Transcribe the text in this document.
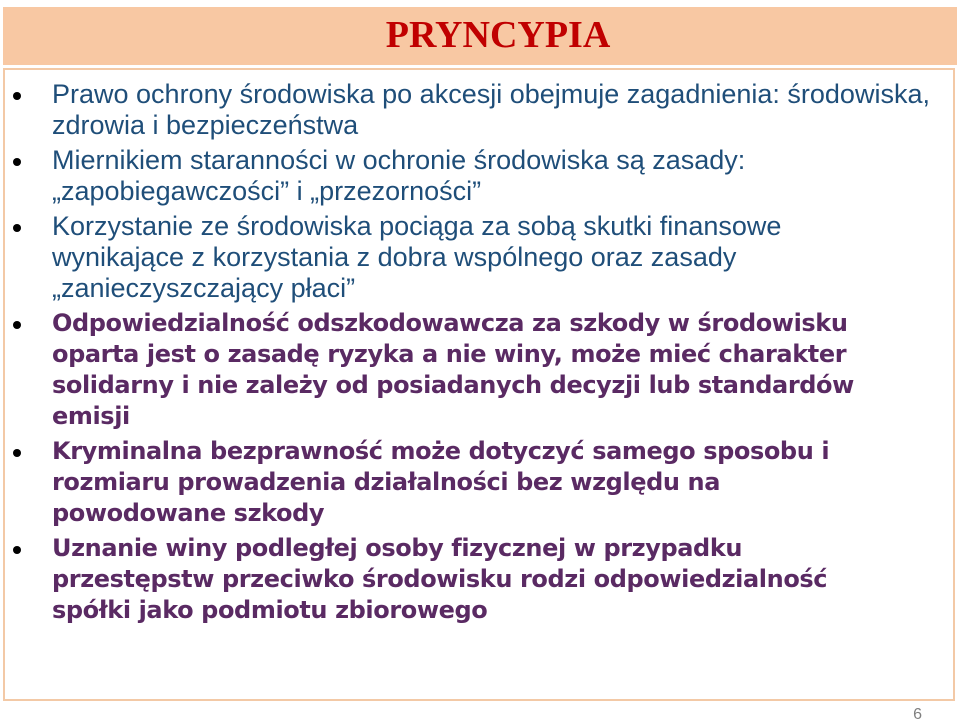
PRYNCYPIA
Prawo ochrony środowiska po akcesji obejmuje zagadnienia: środowiska, zdrowia i bezpieczeństwa
Miernikiem staranności w ochronie środowiska są zasady: „zapobiegawczości” i „przezorności”
Korzystanie ze środowiska pociąga za sobą skutki finansowe wynikające z korzystania z dobra wspólnego oraz zasady „zanieczyszczający płaci”
Odpowiedzialność odszkodowawcza za szkody w środowisku oparta jest o zasadę ryzyka a nie winy, może mieć charakter solidarny i nie zależy od posiadanych decyzji lub standardów emisji
Kryminalna bezprawność może dotyczyć samego sposobu i rozmiaru prowadzenia działalności bez względu na powodowane szkody
Uznanie winy podległej osoby fizycznej w przypadku przestępstw przeciwko środowisku rodzi odpowiedzialność spółki jako podmiotu zbiorowego
6
